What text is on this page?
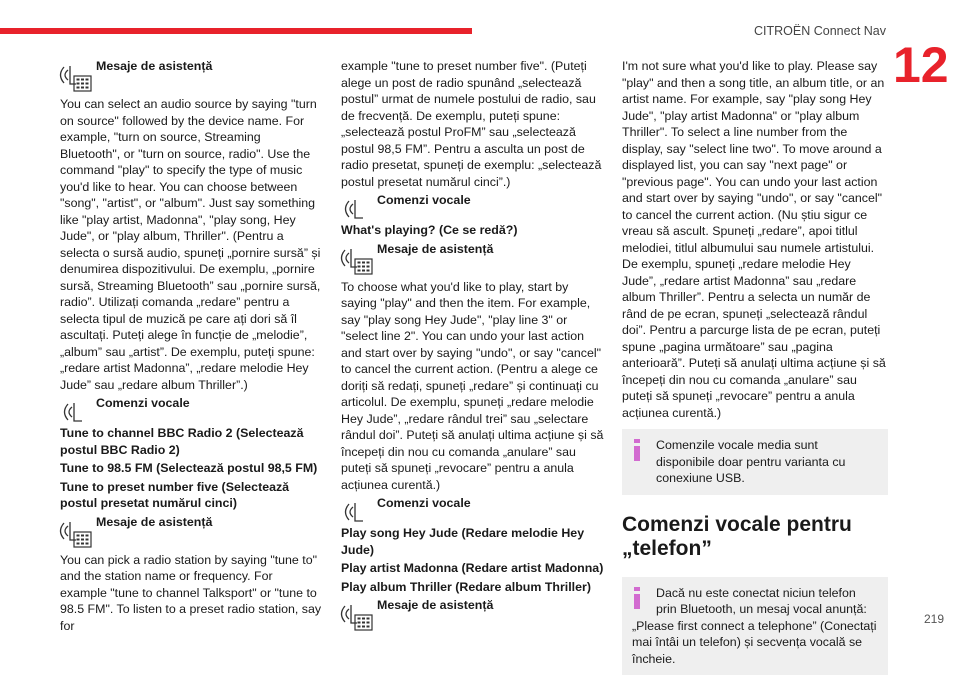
CITROËN Connect Nav
12
219
Mesaje de asistență

You can select an audio source by saying "turn on source" followed by the device name. For example, "turn on source, Streaming Bluetooth", or "turn on source, radio". Use the command "play" to specify the type of music you'd like to hear. You can choose between "song", "artist", or "album". Just say something like "play artist, Madonna", "play song, Hey Jude", or "play album, Thriller". (Pentru a selecta o sursă audio, spuneți „pornire sursă” și denumirea dispozitivului. De exemplu, „pornire sursă, Streaming Bluetooth” sau „pornire sursă, radio”. Utilizați comanda „redare” pentru a selecta tipul de muzică pe care ați dori să îl ascultați. Puteți alege în funcție de „melodie”, „album” sau „artist”. De exemplu, puteți spune: „redare artist Madonna”, „redare melodie Hey Jude” sau „redare album Thriller”.)

Comenzi vocale

Tune to channel BBC Radio 2 (Selectează postul BBC Radio 2)

Tune to 98.5 FM (Selectează postul 98,5 FM)

Tune to preset number five (Selectează postul presetat numărul cinci)

Mesaje de asistență

You can pick a radio station by saying "tune to" and the station name or frequency. For example "tune to channel Talksport" or "tune to 98.5 FM". To listen to a preset radio station, say for

example "tune to preset number five". (Puteți alege un post de radio spunând „selectează postul” urmat de numele postului de radio, sau de frecvență. De exemplu, puteți spune: „selectează postul ProFM” sau „selectează postul 98,5 FM”. Pentru a asculta un post de radio presetat, spuneți de exemplu: „selectează postul presetat numărul cinci”.)

Comenzi vocale

What's playing? (Ce se redă?)

Mesaje de asistență

To choose what you'd like to play, start by saying "play" and then the item. For example, say "play song Hey Jude", "play line 3" or "select line 2". You can undo your last action and start over by saying "undo", or say "cancel" to cancel the current action. (Pentru a alege ce doriți să redați, spuneți „redare” și continuați cu articolul. De exemplu, spuneți „redare melodie Hey Jude”, „redare rândul trei” sau „selectare rândul doi”. Puteți să anulați ultima acțiune și să începeți din nou cu comanda „anulare” sau puteți să spuneți „revocare” pentru a anula acțiunea curentă.)

Comenzi vocale

Play song Hey Jude (Redare melodie Hey Jude)

Play artist Madonna (Redare artist Madonna)

Play album Thriller (Redare album Thriller)

Mesaje de asistență

I'm not sure what you'd like to play. Please say "play" and then a song title, an album title, or an artist name. For example, say "play song Hey Jude", "play artist Madonna" or "play album Thriller". To select a line number from the display, say "select line two". To move around a displayed list, you can say "next page" or "previous page". You can undo your last action and start over by saying "undo", or say "cancel" to cancel the current action. (Nu știu sigur ce vreau să ascult. Spuneți „redare”, apoi titlul melodiei, titlul albumului sau numele artistului. De exemplu, spuneți „redare melodie Hey Jude”, „redare artist Madonna” sau „redare album Thriller”. Pentru a selecta un număr de rând de pe ecran, spuneți „selectează rândul doi”. Pentru a parcurge lista de pe ecran, puteți spune „pagina următoare” sau „pagina anterioară”. Puteți să anulați ultima acțiune și să începeți din nou cu comanda „anulare” sau puteți să spuneți „revocare” pentru a anula acțiunea curentă.)

Comenzile vocale media sunt disponibile doar pentru varianta cu conexiune USB.
Comenzi vocale pentru „telefon”
Dacă nu este conectat niciun telefon prin Bluetooth, un mesaj vocal anunță:
„Please first connect a telephone” (Conectați mai întâi un telefon) și secvența vocală se încheie.
